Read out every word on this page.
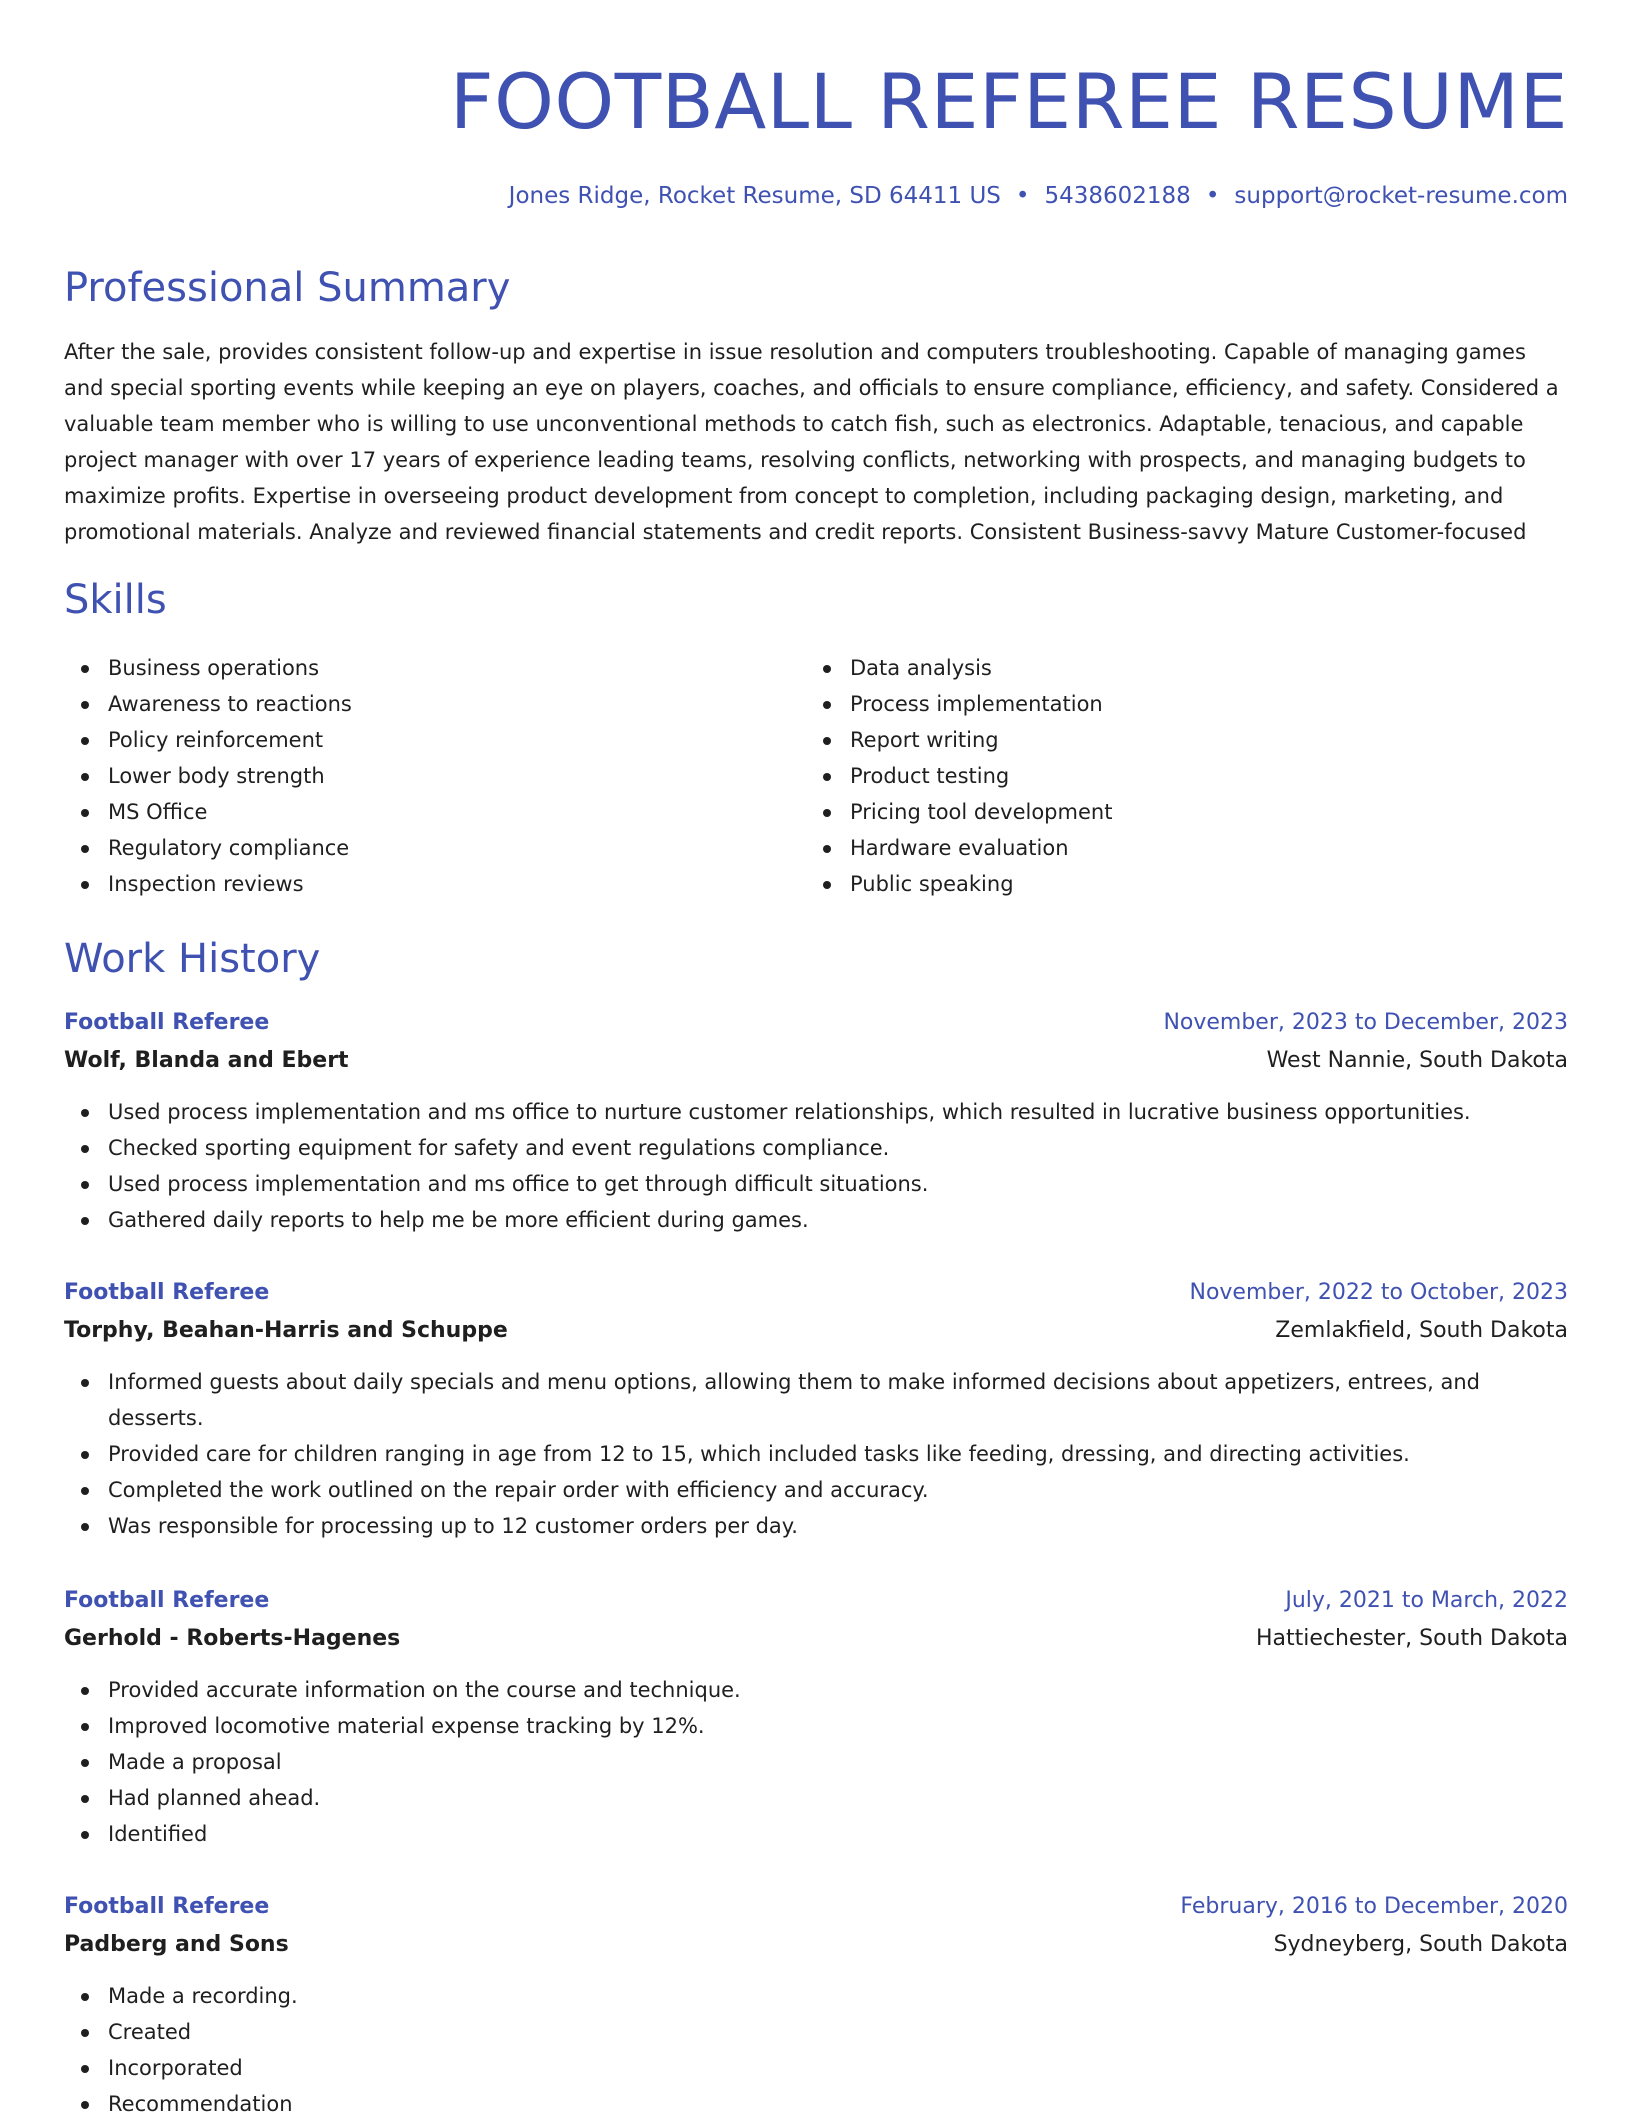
FOOTBALL REFEREE RESUME
Jones Ridge, Rocket Resume, SD 64411 US • 5438602188 • support@rocket-resume.com
Professional Summary

After the sale, provides consistent follow-up and expertise in issue resolution and computers troubleshooting. Capable of managing games and special sporting events while keeping an eye on players, coaches, and officials to ensure compliance, efficiency, and safety. Considered a valuable team member who is willing to use unconventional methods to catch fish, such as electronics. Adaptable, tenacious, and capable project manager with over 17 years of experience leading teams, resolving conflicts, networking with prospects, and managing budgets to maximize profits. Expertise in overseeing product development from concept to completion, including packaging design, marketing, and promotional materials. Analyze and reviewed financial statements and credit reports. Consistent Business-savvy Mature Customer-focused

Skills
Business operations
Awareness to reactions
Policy reinforcement
Lower body strength
MS Office
Regulatory compliance
Inspection reviews
Data analysis
Process implementation
Report writing
Product testing
Pricing tool development
Hardware evaluation
Public speaking
Work History
Football Referee	November, 2023 to December, 2023
Wolf, Blanda and Ebert	West Nannie, South Dakota
Used process implementation and ms office to nurture customer relationships, which resulted in lucrative business opportunities.
Checked sporting equipment for safety and event regulations compliance.
Used process implementation and ms office to get through difficult situations.
Gathered daily reports to help me be more efficient during games.
Football Referee	November, 2022 to October, 2023
Torphy, Beahan-Harris and Schuppe	Zemlakfield, South Dakota
Informed guests about daily specials and menu options, allowing them to make informed decisions about appetizers, entrees, and desserts.
Provided care for children ranging in age from 12 to 15, which included tasks like feeding, dressing, and directing activities.
Completed the work outlined on the repair order with efficiency and accuracy.
Was responsible for processing up to 12 customer orders per day.
Football Referee	July, 2021 to March, 2022
Gerhold - Roberts-Hagenes	Hattiechester, South Dakota
Provided accurate information on the course and technique.
Improved locomotive material expense tracking by 12%.
Made a proposal
Had planned ahead.
Identified
Football Referee	February, 2016 to December, 2020
Padberg and Sons	Sydneyberg, South Dakota
Made a recording.
Created
Incorporated
Recommendation
